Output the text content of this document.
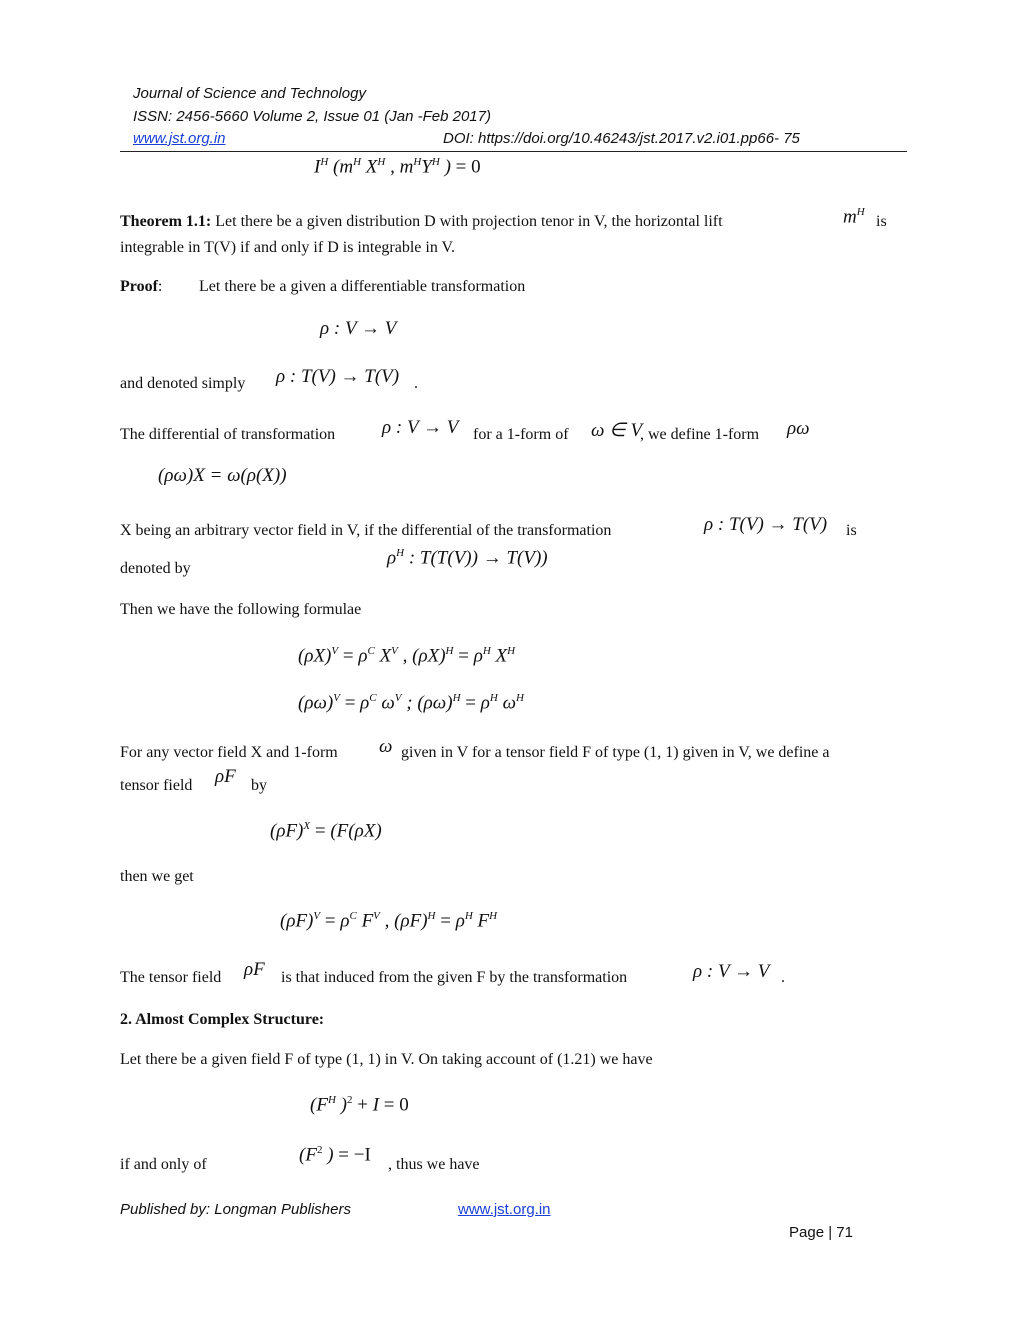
Journal of Science and Technology
ISSN: 2456-5660 Volume 2, Issue 01 (Jan -Feb 2017)
www.jst.org.in	DOI: https://doi.org/10.46243/jst.2017.v2.i01.pp66- 75
$I^H$ ($m^H$ $X^H$ , $m^HY^H$ ) = 0
Theorem 1.1: Let there be a given distribution D with projection tenor in V, the horizontal lift	$m^H$
is
integrable in T(V) if and only if D is integrable in V.
Proof: Let there be a given a differentiable transformation
ρ : V → V
and denoted simply ρ : T(V) → T(V) .
The differential of transformation ρ : V → V for a 1-form of ω ∈ V
, we define 1-form ρω
(ρω)X = ω(ρ(X))
X being an arbitrary vector field in V, if the differential of the transformation	ρ : T(V) → T(V) is
denoted by
$\rho^H$ : T(T(V)) → T(V))
Then we have the following formulae
$(\rho X)^V = \rho^C$ $X^V$ , $(\rho X)^H = \rho^H$ $X^H$
$(\rho\omega)^V = \rho^C$ $\omega^V$ ; $(\rho\omega)^H = \rho^H$ $\omega^H$
For any vector field X and 1-form ω given in V for a tensor field F of type (1, 1) given in V, we define a
tensor field ρF by
$(\rho F)^X = (F(\rho X)$
then we get
$(\rho F)^V = \rho^C$ $F^V$ , $(\rho F)^H = \rho^H$ $F^H$
The tensor field ρF is that induced from the given F by the transformation	ρ : V → V .
2. Almost Complex Structure:
Let there be a given field F of type (1, 1) in V. On taking account of (1.21) we have
($F^H$ )$^2$ + I = 0
if and only of	($F^2$ ) = −I , thus we have
Published by: Longman Publishers	www.jst.org.in
Page | 71
